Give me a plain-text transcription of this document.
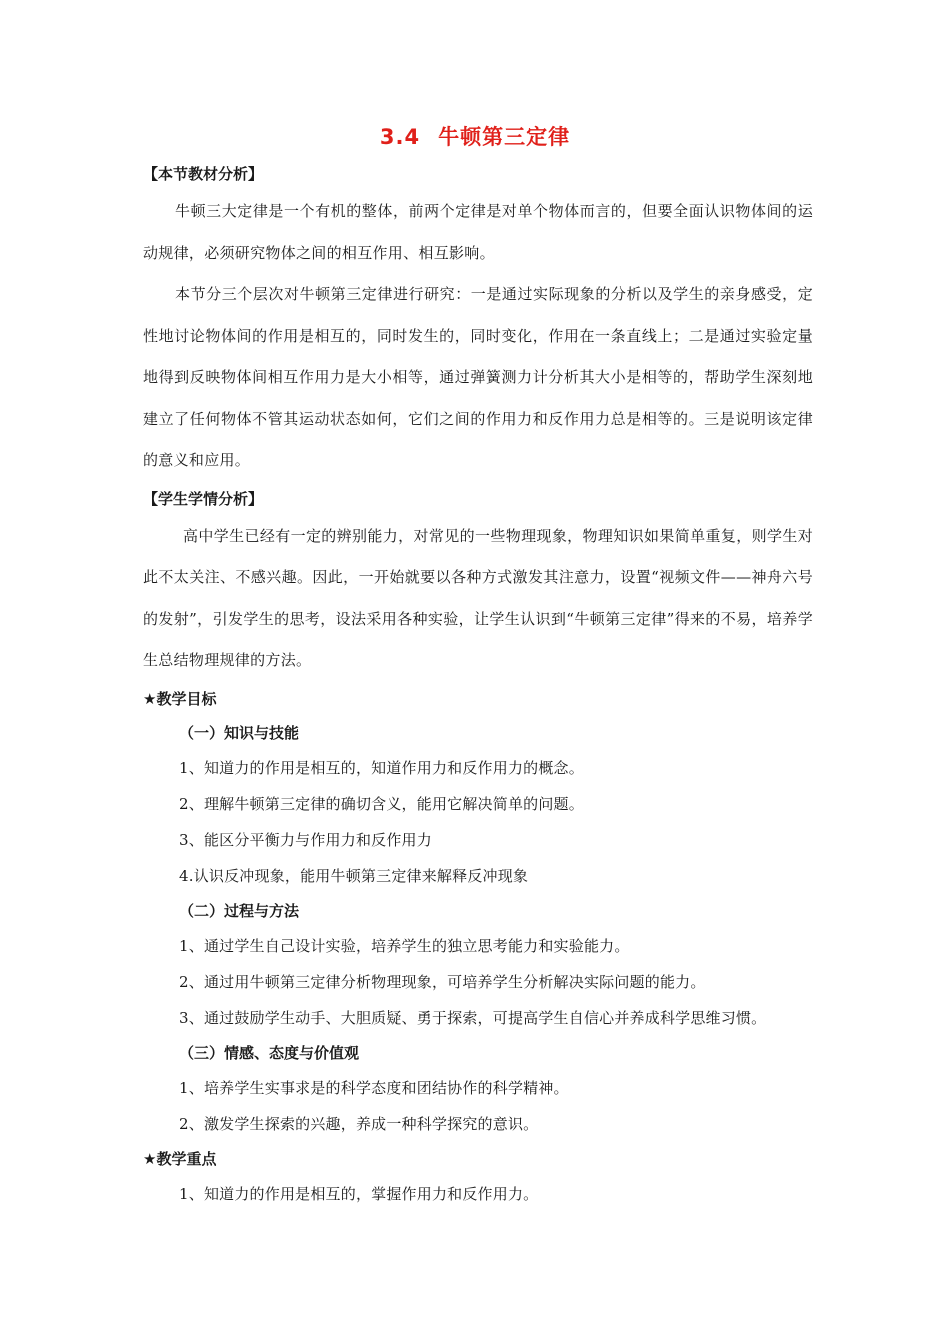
3.4 牛顿第三定律
【本节教材分析】

牛顿三大定律是一个有机的整体，前两个定律是对单个物体而言的，但要全面认识物体间的运动规律，必须研究物体之间的相互作用、相互影响。

本节分三个层次对牛顿第三定律进行研究：一是通过实际现象的分析以及学生的亲身感受，定性地讨论物体间的作用是相互的，同时发生的，同时变化，作用在一条直线上；二是通过实验定量地得到反映物体间相互作用力是大小相等，通过弹簧测力计分析其大小是相等的，帮助学生深刻地建立了任何物体不管其运动状态如何，它们之间的作用力和反作用力总是相等的。三是说明该定律的意义和应用。

【学生学情分析】

高中学生已经有一定的辨别能力，对常见的一些物理现象，物理知识如果简单重复，则学生对此不太关注、不感兴趣。因此，一开始就要以各种方式激发其注意力，设置“视频文件——神舟六号的发射”，引发学生的思考，设法采用各种实验，让学生认识到“牛顿第三定律”得来的不易，培养学生总结物理规律的方法。

★教学目标
（一）知识与技能
1、知道力的作用是相互的，知道作用力和反作用力的概念。
2、理解牛顿第三定律的确切含义，能用它解决简单的问题。
3、能区分平衡力与作用力和反作用力
4.认识反冲现象，能用牛顿第三定律来解释反冲现象
（二）过程与方法
1、通过学生自己设计实验，培养学生的独立思考能力和实验能力。
2、通过用牛顿第三定律分析物理现象，可培养学生分析解决实际问题的能力。
3、通过鼓励学生动手、大胆质疑、勇于探索，可提高学生自信心并养成科学思维习惯。
（三）情感、态度与价值观
1、培养学生实事求是的科学态度和团结协作的科学精神。
2、激发学生探索的兴趣，养成一种科学探究的意识。
★教学重点
1、知道力的作用是相互的，掌握作用力和反作用力。
